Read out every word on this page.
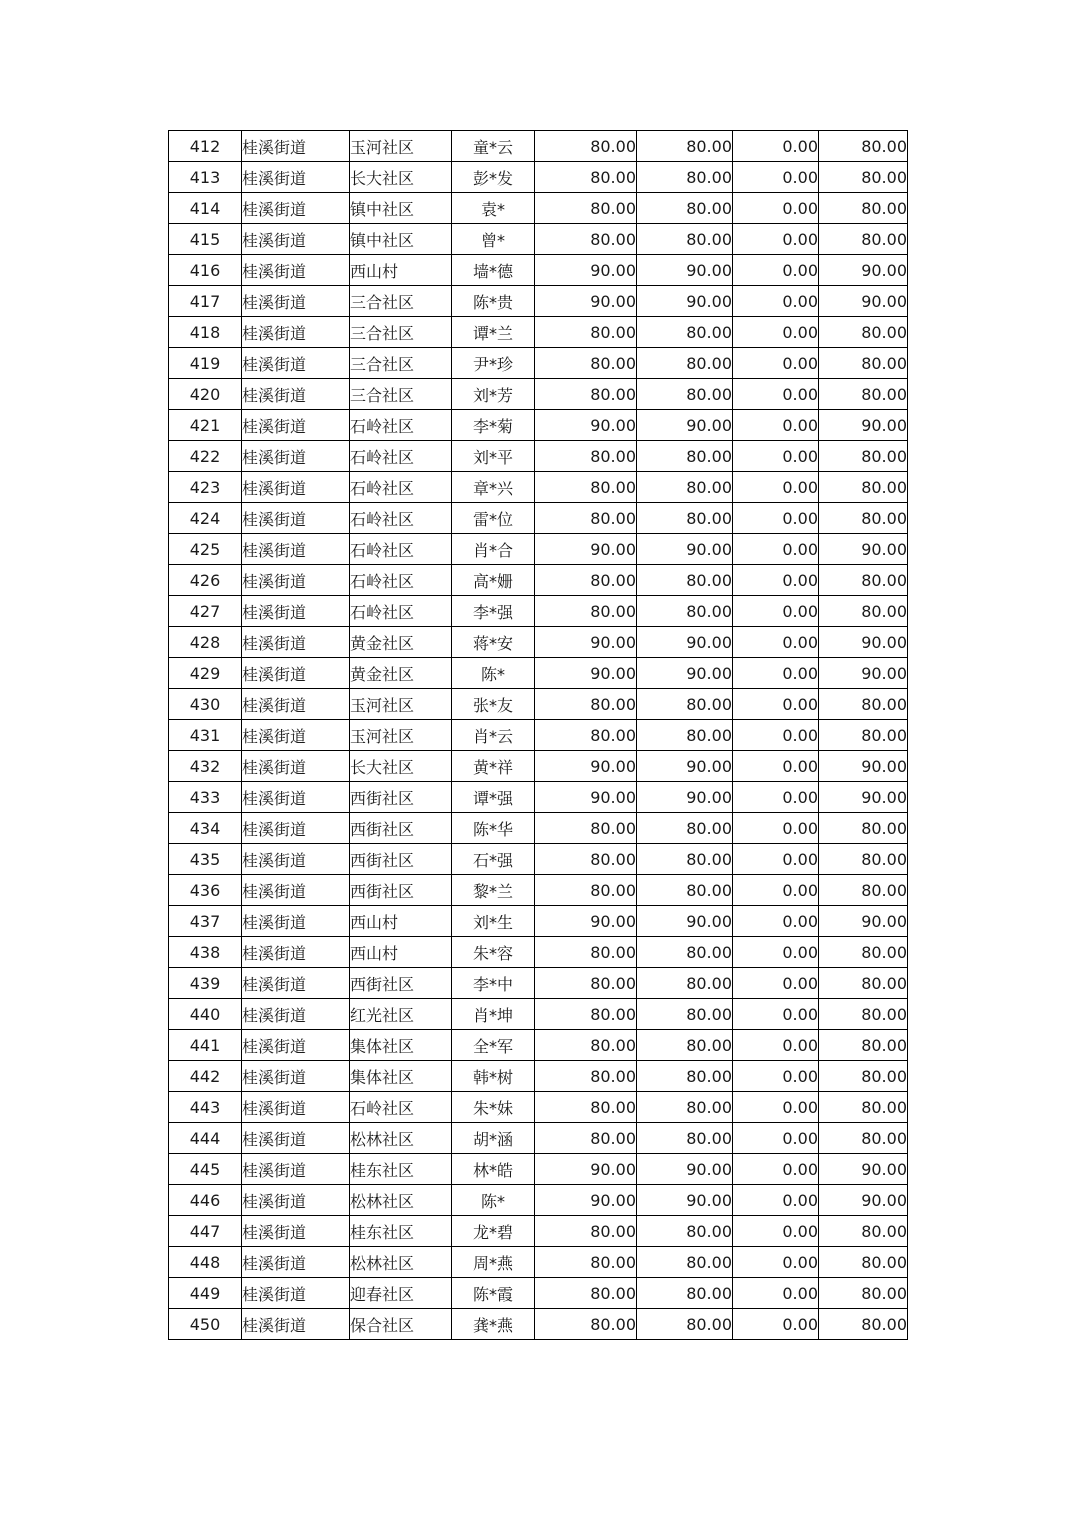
412	桂溪街道	玉河社区	童*云	80.00	80.00	0.00	80.00
413	桂溪街道	长大社区	彭*发	80.00	80.00	0.00	80.00
414	桂溪街道	镇中社区	袁*	80.00	80.00	0.00	80.00
415	桂溪街道	镇中社区	曾*	80.00	80.00	0.00	80.00
416	桂溪街道	西山村	墙*德	90.00	90.00	0.00	90.00
417	桂溪街道	三合社区	陈*贵	90.00	90.00	0.00	90.00
418	桂溪街道	三合社区	谭*兰	80.00	80.00	0.00	80.00
419	桂溪街道	三合社区	尹*珍	80.00	80.00	0.00	80.00
420	桂溪街道	三合社区	刘*芳	80.00	80.00	0.00	80.00
421	桂溪街道	石岭社区	李*菊	90.00	90.00	0.00	90.00
422	桂溪街道	石岭社区	刘*平	80.00	80.00	0.00	80.00
423	桂溪街道	石岭社区	章*兴	80.00	80.00	0.00	80.00
424	桂溪街道	石岭社区	雷*位	80.00	80.00	0.00	80.00
425	桂溪街道	石岭社区	肖*合	90.00	90.00	0.00	90.00
426	桂溪街道	石岭社区	高*姗	80.00	80.00	0.00	80.00
427	桂溪街道	石岭社区	李*强	80.00	80.00	0.00	80.00
428	桂溪街道	黄金社区	蒋*安	90.00	90.00	0.00	90.00
429	桂溪街道	黄金社区	陈*	90.00	90.00	0.00	90.00
430	桂溪街道	玉河社区	张*友	80.00	80.00	0.00	80.00
431	桂溪街道	玉河社区	肖*云	80.00	80.00	0.00	80.00
432	桂溪街道	长大社区	黄*祥	90.00	90.00	0.00	90.00
433	桂溪街道	西街社区	谭*强	90.00	90.00	0.00	90.00
434	桂溪街道	西街社区	陈*华	80.00	80.00	0.00	80.00
435	桂溪街道	西街社区	石*强	80.00	80.00	0.00	80.00
436	桂溪街道	西街社区	黎*兰	80.00	80.00	0.00	80.00
437	桂溪街道	西山村	刘*生	90.00	90.00	0.00	90.00
438	桂溪街道	西山村	朱*容	80.00	80.00	0.00	80.00
439	桂溪街道	西街社区	李*中	80.00	80.00	0.00	80.00
440	桂溪街道	红光社区	肖*坤	80.00	80.00	0.00	80.00
441	桂溪街道	集体社区	全*军	80.00	80.00	0.00	80.00
442	桂溪街道	集体社区	韩*树	80.00	80.00	0.00	80.00
443	桂溪街道	石岭社区	朱*妹	80.00	80.00	0.00	80.00
444	桂溪街道	松林社区	胡*涵	80.00	80.00	0.00	80.00
445	桂溪街道	桂东社区	林*皓	90.00	90.00	0.00	90.00
446	桂溪街道	松林社区	陈*	90.00	90.00	0.00	90.00
447	桂溪街道	桂东社区	龙*碧	80.00	80.00	0.00	80.00
448	桂溪街道	松林社区	周*燕	80.00	80.00	0.00	80.00
449	桂溪街道	迎春社区	陈*霞	80.00	80.00	0.00	80.00
450	桂溪街道	保合社区	龚*燕	80.00	80.00	0.00	80.00
